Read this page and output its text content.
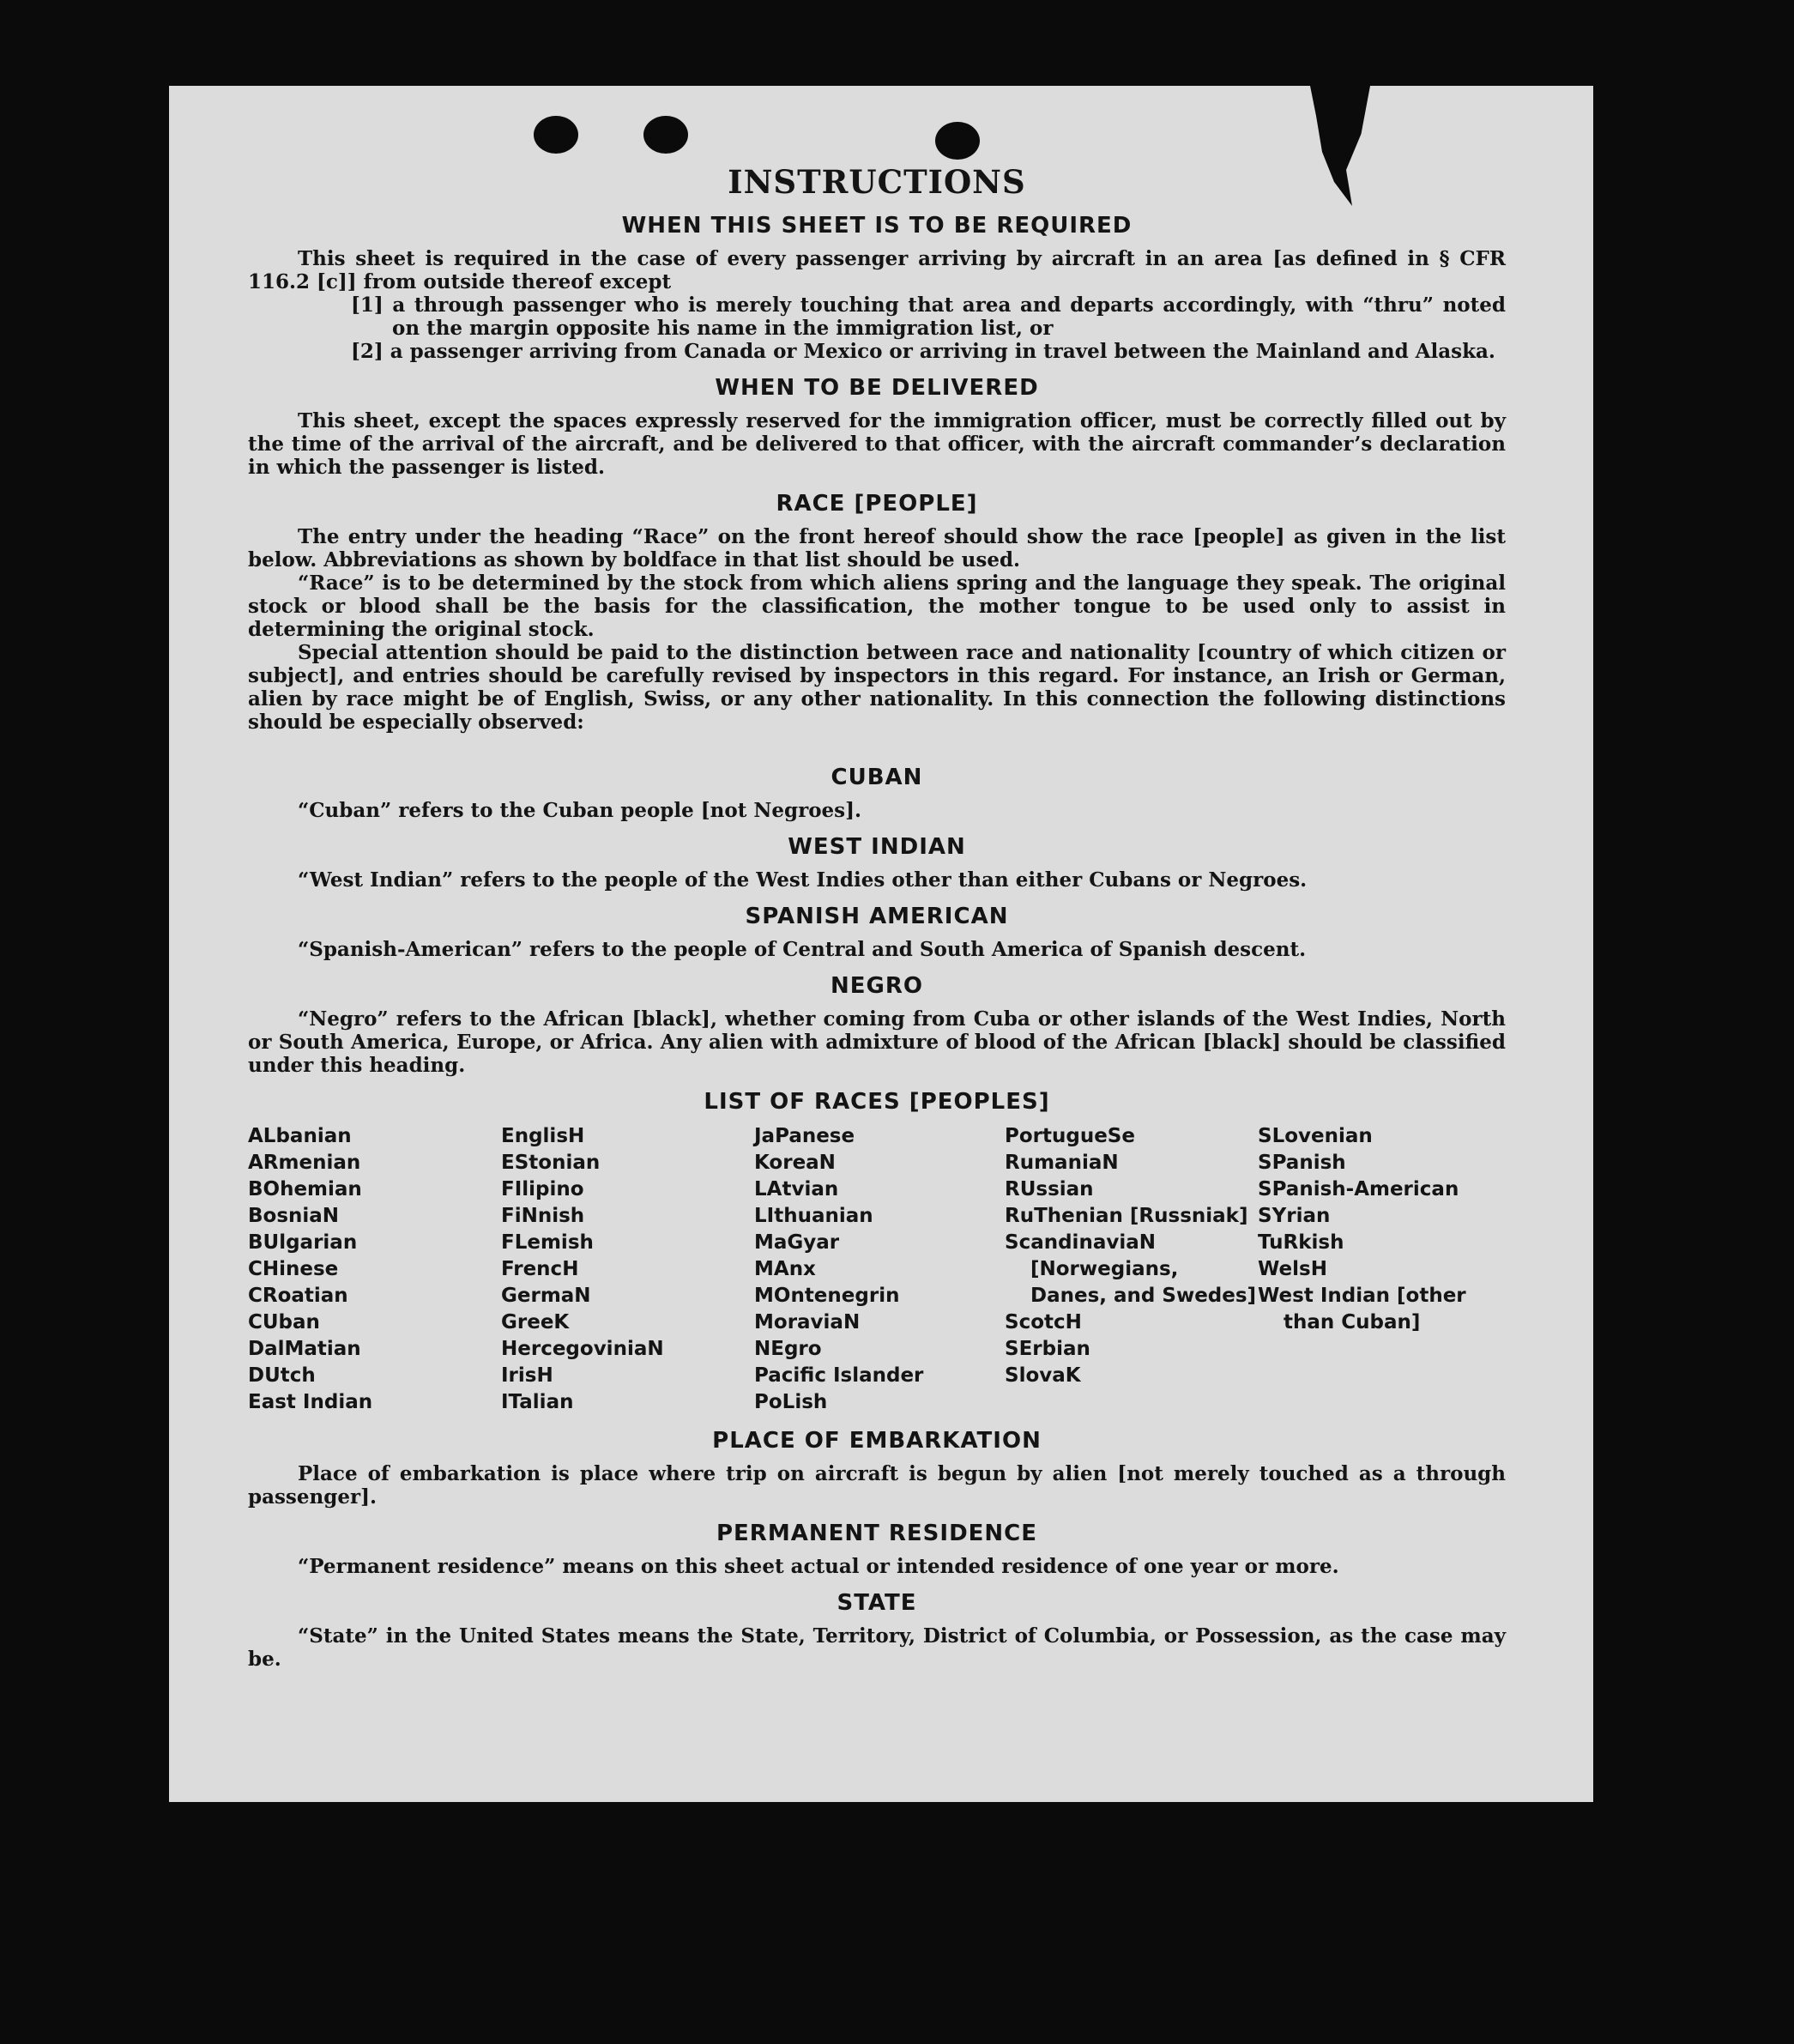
INSTRUCTIONS
WHEN THIS SHEET IS TO BE REQUIRED

This sheet is required in the case of every passenger arriving by aircraft in an area [as defined in § CFR 116.2 [c]] from outside thereof except

[1] a through passenger who is merely touching that area and departs accordingly, with “thru” noted on the margin opposite his name in the immigration list, or
[2] a passenger arriving from Canada or Mexico or arriving in travel between the Mainland and Alaska.
WHEN TO BE DELIVERED

This sheet, except the spaces expressly reserved for the immigration officer, must be correctly filled out by the time of the arrival of the aircraft, and be delivered to that officer, with the aircraft commander’s declaration in which the passenger is listed.

RACE [PEOPLE]

The entry under the heading “Race” on the front hereof should show the race [people] as given in the list below. Abbreviations as shown by boldface in that list should be used.

“Race” is to be determined by the stock from which aliens spring and the language they speak. The original stock or blood shall be the basis for the classification, the mother tongue to be used only to assist in determining the original stock.

Special attention should be paid to the distinction between race and nationality [country of which citizen or subject], and entries should be carefully revised by inspectors in this regard. For instance, an Irish or German, alien by race might be of English, Swiss, or any other nationality. In this connection the following distinctions should be especially observed:

CUBAN

“Cuban” refers to the Cuban people [not Negroes].

WEST INDIAN

“West Indian” refers to the people of the West Indies other than either Cubans or Negroes.

SPANISH AMERICAN

“Spanish-American” refers to the people of Central and South America of Spanish descent.

NEGRO

“Negro” refers to the African [black], whether coming from Cuba or other islands of the West Indies, North or South America, Europe, or Africa. Any alien with admixture of blood of the African [black] should be classified under this heading.

LIST OF RACES [PEOPLES]
ALbanian
ARmenian
BOhemian
BosniaN
BUlgarian
CHinese
CRoatian
CUban
DalMatian
DUtch
East Indian
EnglisH
EStonian
FIlipino
FiNnish
FLemish
FrencH
GermaN
GreeK
HercegoviniaN
IrisH
ITalian
JaPanese
KoreaN
LAtvian
LIthuanian
MaGyar
MAnx
MOntenegrin
MoraviaN
NEgro
Pacific Islander
PoLish
PortugueSe
RumaniaN
RUssian
RuThenian [Russniak]
ScandinaviaN [Norwegians, Danes, and Swedes]
ScotcH
SErbian
SlovaK
SLovenian
SPanish
SPanish-American
SYrian
TuRkish
WelsH
West Indian [other than Cuban]
PLACE OF EMBARKATION

Place of embarkation is place where trip on aircraft is begun by alien [not merely touched as a through passenger].

PERMANENT RESIDENCE

“Permanent residence” means on this sheet actual or intended residence of one year or more.

STATE

“State” in the United States means the State, Territory, District of Columbia, or Possession, as the case may be.
